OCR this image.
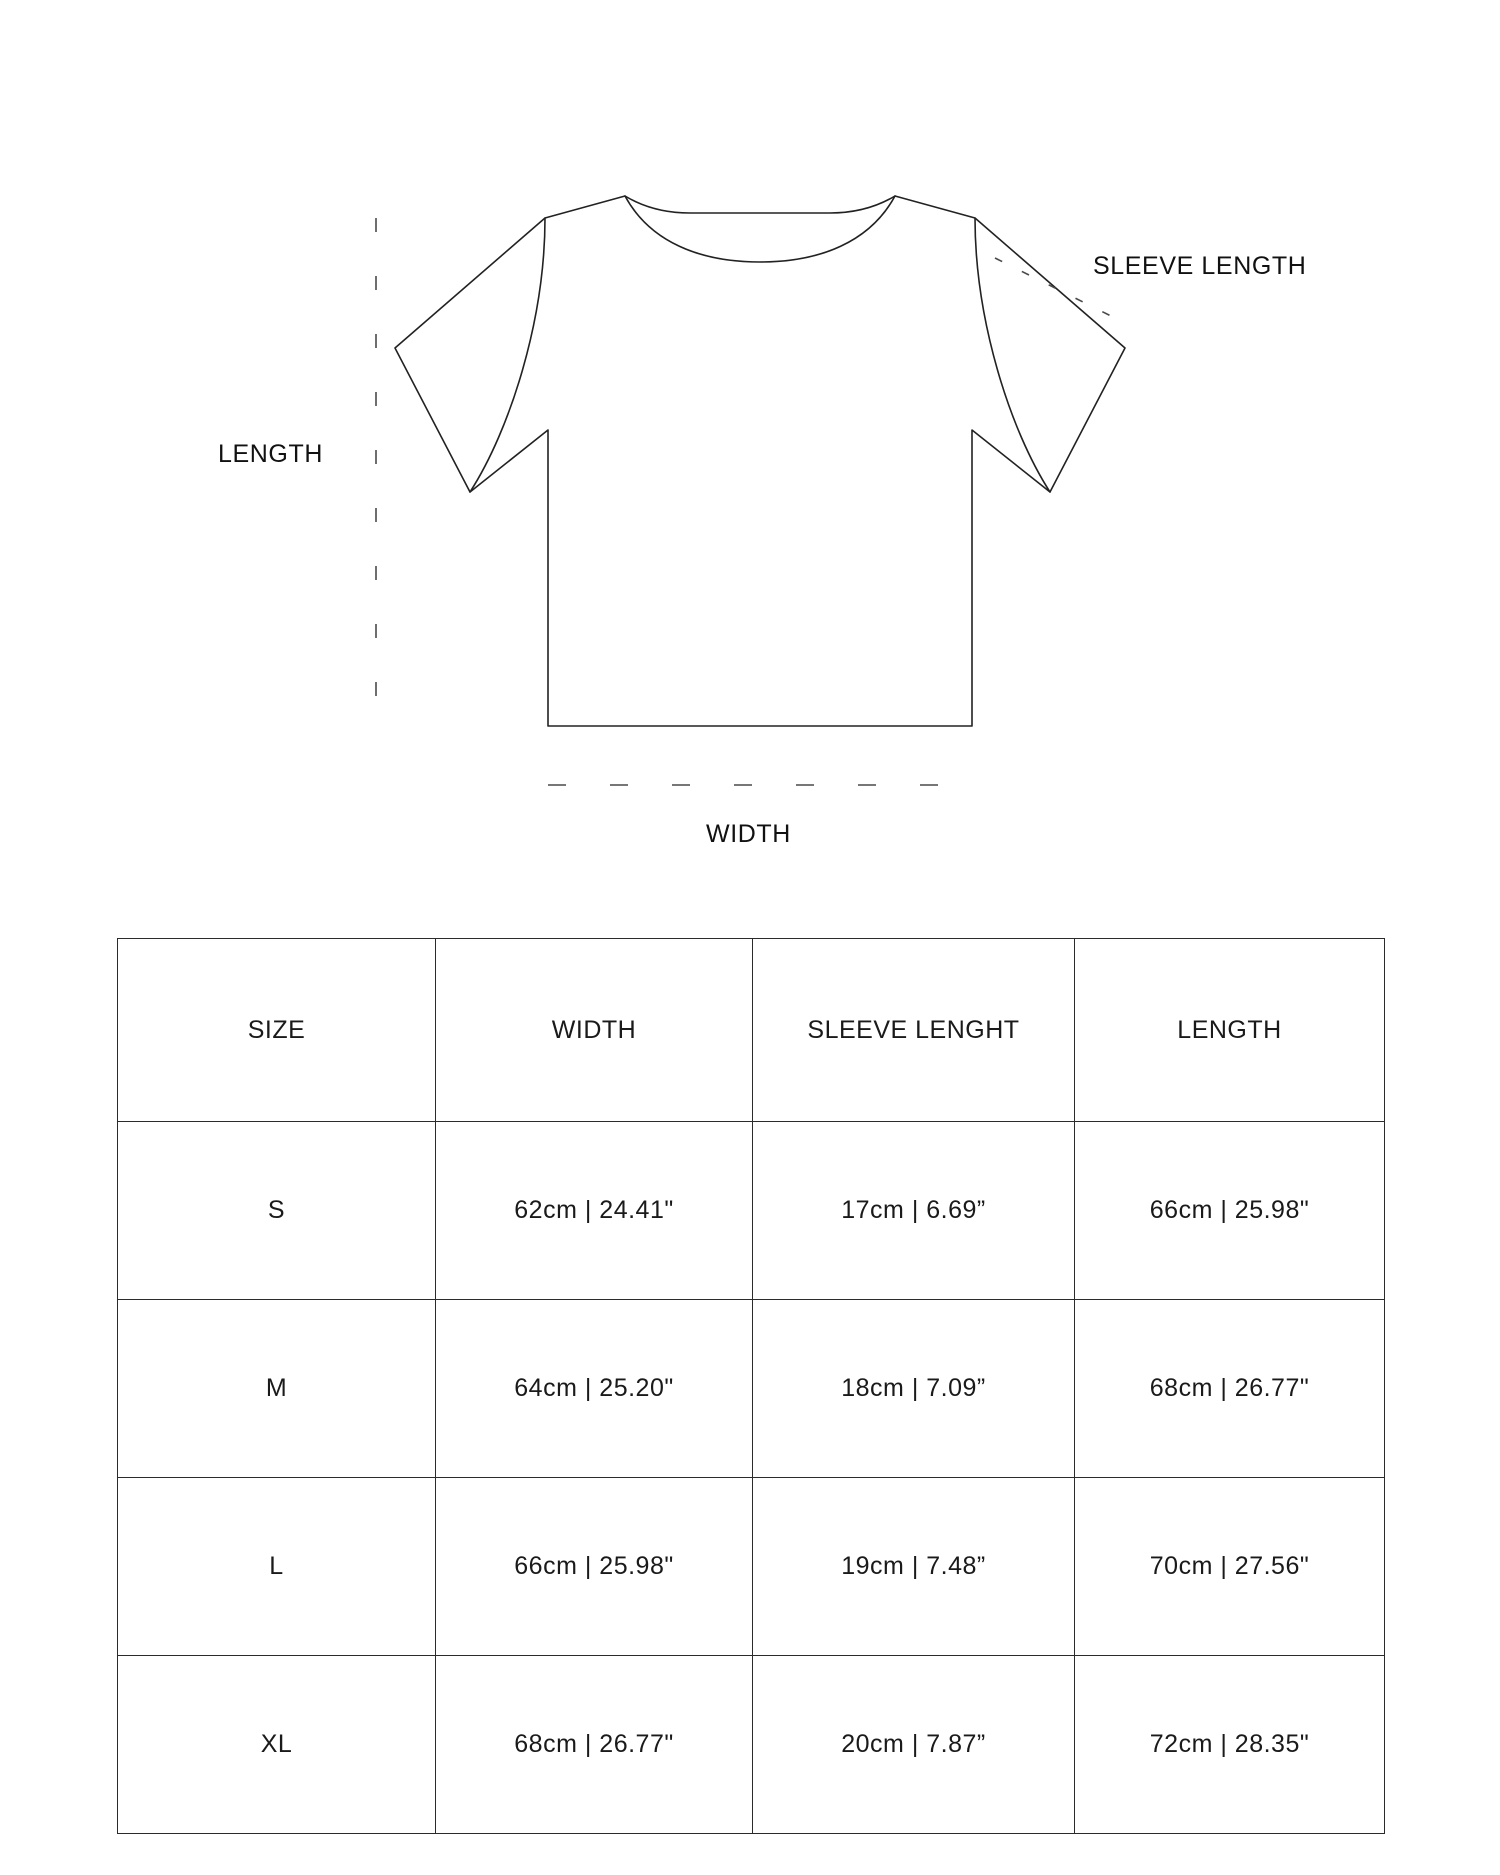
LENGTH
SLEEVE LENGTH
WIDTH
SIZE	WIDTH	SLEEVE LENGHT	LENGTH
S	62cm | 24.41"	17cm | 6.69”	66cm | 25.98"
M	64cm | 25.20"	18cm | 7.09”	68cm | 26.77"
L	66cm | 25.98"	19cm | 7.48”	70cm | 27.56"
XL	68cm | 26.77"	20cm | 7.87”	72cm | 28.35"
